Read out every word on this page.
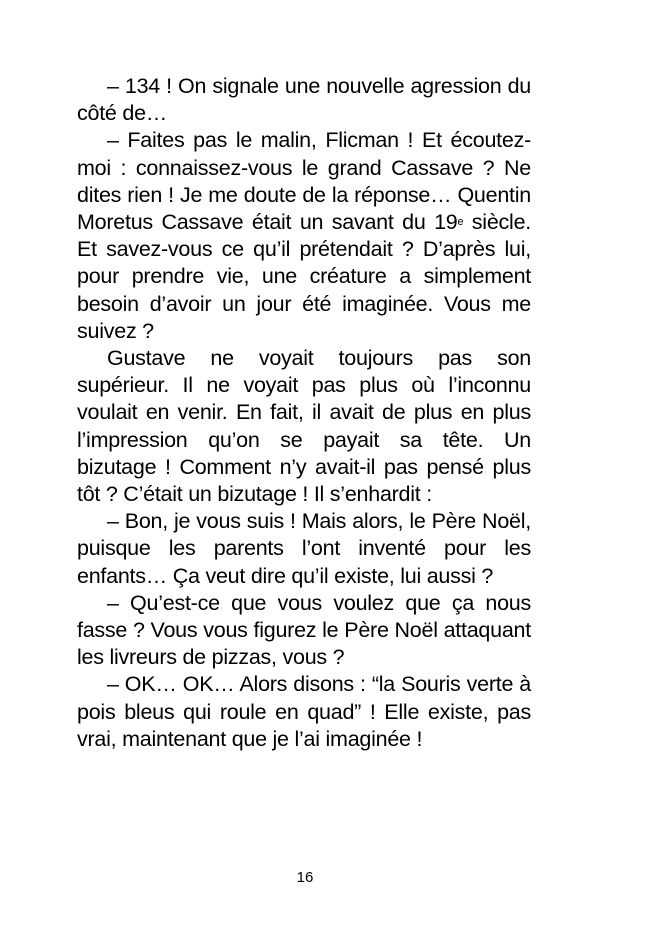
– 134 ! On signale une nouvelle agression du côté de…

– Faites pas le malin, Flicman ! Et écoutez-moi : connaissez-vous le grand Cassave ? Ne dites rien ! Je me doute de la réponse… Quentin Moretus Cassave était un savant du 19e siècle. Et savez-vous ce qu’il prétendait ? D’après lui, pour prendre vie, une créature a simplement besoin d’avoir un jour été imaginée. Vous me suivez ?

Gustave ne voyait toujours pas son supérieur. Il ne voyait pas plus où l’inconnu voulait en venir. En fait, il avait de plus en plus l’impression qu’on se payait sa tête. Un bizutage ! Comment n’y avait-il pas pensé plus tôt ? C’était un bizutage ! Il s’enhardit :

– Bon, je vous suis ! Mais alors, le Père Noël, puisque les parents l’ont inventé pour les enfants… Ça veut dire qu’il existe, lui aussi ?

– Qu’est-ce que vous voulez que ça nous fasse ? Vous vous figurez le Père Noël attaquant les livreurs de pizzas, vous ?

– OK… OK… Alors disons : “la Souris verte à pois bleus qui roule en quad” ! Elle existe, pas vrai, maintenant que je l’ai imaginée !

16
